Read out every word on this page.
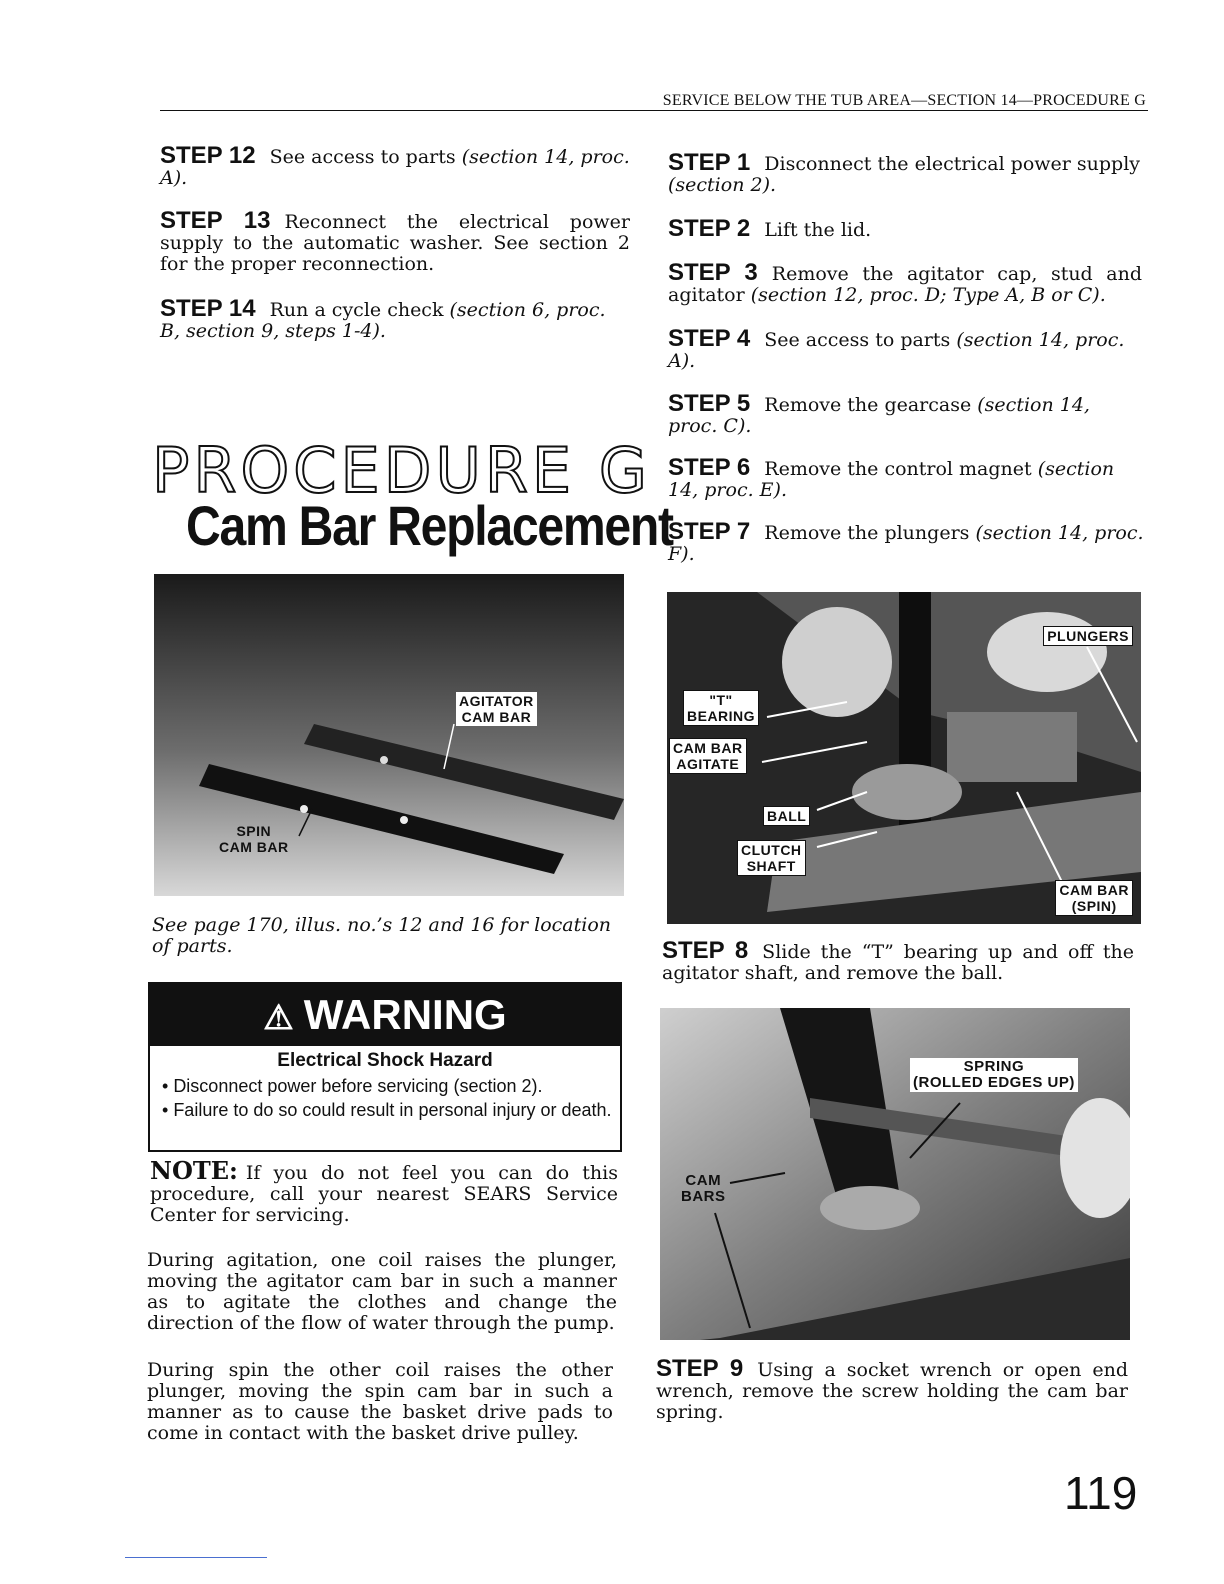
SERVICE BELOW THE TUB AREA—SECTION 14—PROCEDURE G
STEP 12 See access to parts (section 14, proc. A).
STEP 13 Reconnect the electrical power supply to the automatic washer. See section 2 for the proper reconnection.
STEP 14 Run a cycle check (section 6, proc. B, section 9, steps 1-4).
PROCEDURE G
Cam Bar Replacement
AGITATOR
CAM BAR
SPIN
CAM BAR
See page 170, illus. no.’s 12 and 16 for location of parts.
⚠ WARNING
Electrical Shock Hazard
• Disconnect power before servicing (section 2).
• Failure to do so could result in personal injury or death.
NOTE: If you do not feel you can do this procedure, call your nearest SEARS Service Center for servicing.
During agitation, one coil raises the plunger, moving the agitator cam bar in such a manner as to agitate the clothes and change the direction of the flow of water through the pump.
During spin the other coil raises the other plunger, moving the spin cam bar in such a manner as to cause the basket drive pads to come in contact with the basket drive pulley.
STEP 1 Disconnect the electrical power supply (section 2).
STEP 2 Lift the lid.
STEP 3 Remove the agitator cap, stud and agitator (section 12, proc. D; Type A, B or C).
STEP 4 See access to parts (section 14, proc. A).
STEP 5 Remove the gearcase (section 14, proc. C).
STEP 6 Remove the control magnet (section 14, proc. E).
STEP 7 Remove the plungers (section 14, proc. F).
PLUNGERS
"T"
BEARING
CAM BAR
AGITATE
BALL
CLUTCH
SHAFT
CAM BAR
(SPIN)
STEP 8 Slide the “T” bearing up and off the agitator shaft, and remove the ball.
SPRING
(ROLLED EDGES UP)
CAM
BARS
STEP 9 Using a socket wrench or open end wrench, remove the screw holding the cam bar spring.
119
